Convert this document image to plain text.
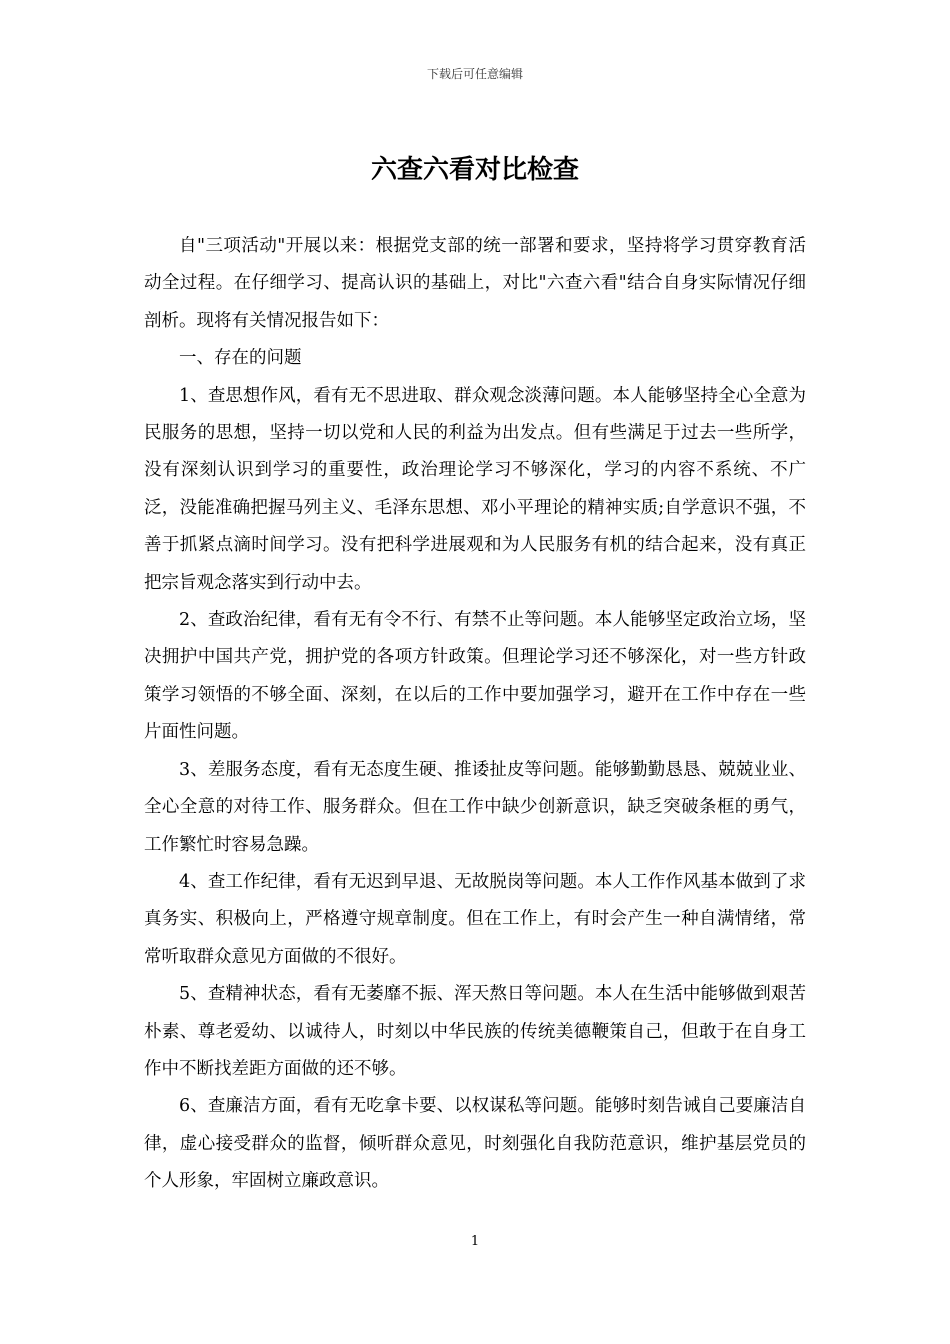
下载后可任意编辑
六查六看对比检查

自"三项活动"开展以来：根据党支部的统一部署和要求，坚持将学习贯穿教育活动全过程。在仔细学习、提高认识的基础上，对比"六查六看"结合自身实际情况仔细剖析。现将有关情况报告如下：

一、存在的问题

1、查思想作风，看有无不思进取、群众观念淡薄问题。本人能够坚持全心全意为民服务的思想，坚持一切以党和人民的利益为出发点。但有些满足于过去一些所学，没有深刻认识到学习的重要性，政治理论学习不够深化，学习的内容不系统、不广泛，没能准确把握马列主义、毛泽东思想、邓小平理论的精神实质;自学意识不强，不善于抓紧点滴时间学习。没有把科学进展观和为人民服务有机的结合起来，没有真正把宗旨观念落实到行动中去。

2、查政治纪律，看有无有令不行、有禁不止等问题。本人能够坚定政治立场，坚决拥护中国共产党，拥护党的各项方针政策。但理论学习还不够深化，对一些方针政策学习领悟的不够全面、深刻，在以后的工作中要加强学习，避开在工作中存在一些片面性问题。

3、差服务态度，看有无态度生硬、推诿扯皮等问题。能够勤勤恳恳、兢兢业业、全心全意的对待工作、服务群众。但在工作中缺少创新意识，缺乏突破条框的勇气，工作繁忙时容易急躁。

4、查工作纪律，看有无迟到早退、无故脱岗等问题。本人工作作风基本做到了求真务实、积极向上，严格遵守规章制度。但在工作上，有时会产生一种自满情绪，常常听取群众意见方面做的不很好。

5、查精神状态，看有无萎靡不振、浑天熬日等问题。本人在生活中能够做到艰苦朴素、尊老爱幼、以诚待人，时刻以中华民族的传统美德鞭策自己，但敢于在自身工作中不断找差距方面做的还不够。

6、查廉洁方面，看有无吃拿卡要、以权谋私等问题。能够时刻告诫自己要廉洁自律，虚心接受群众的监督，倾听群众意见，时刻强化自我防范意识，维护基层党员的个人形象，牢固树立廉政意识。

1
